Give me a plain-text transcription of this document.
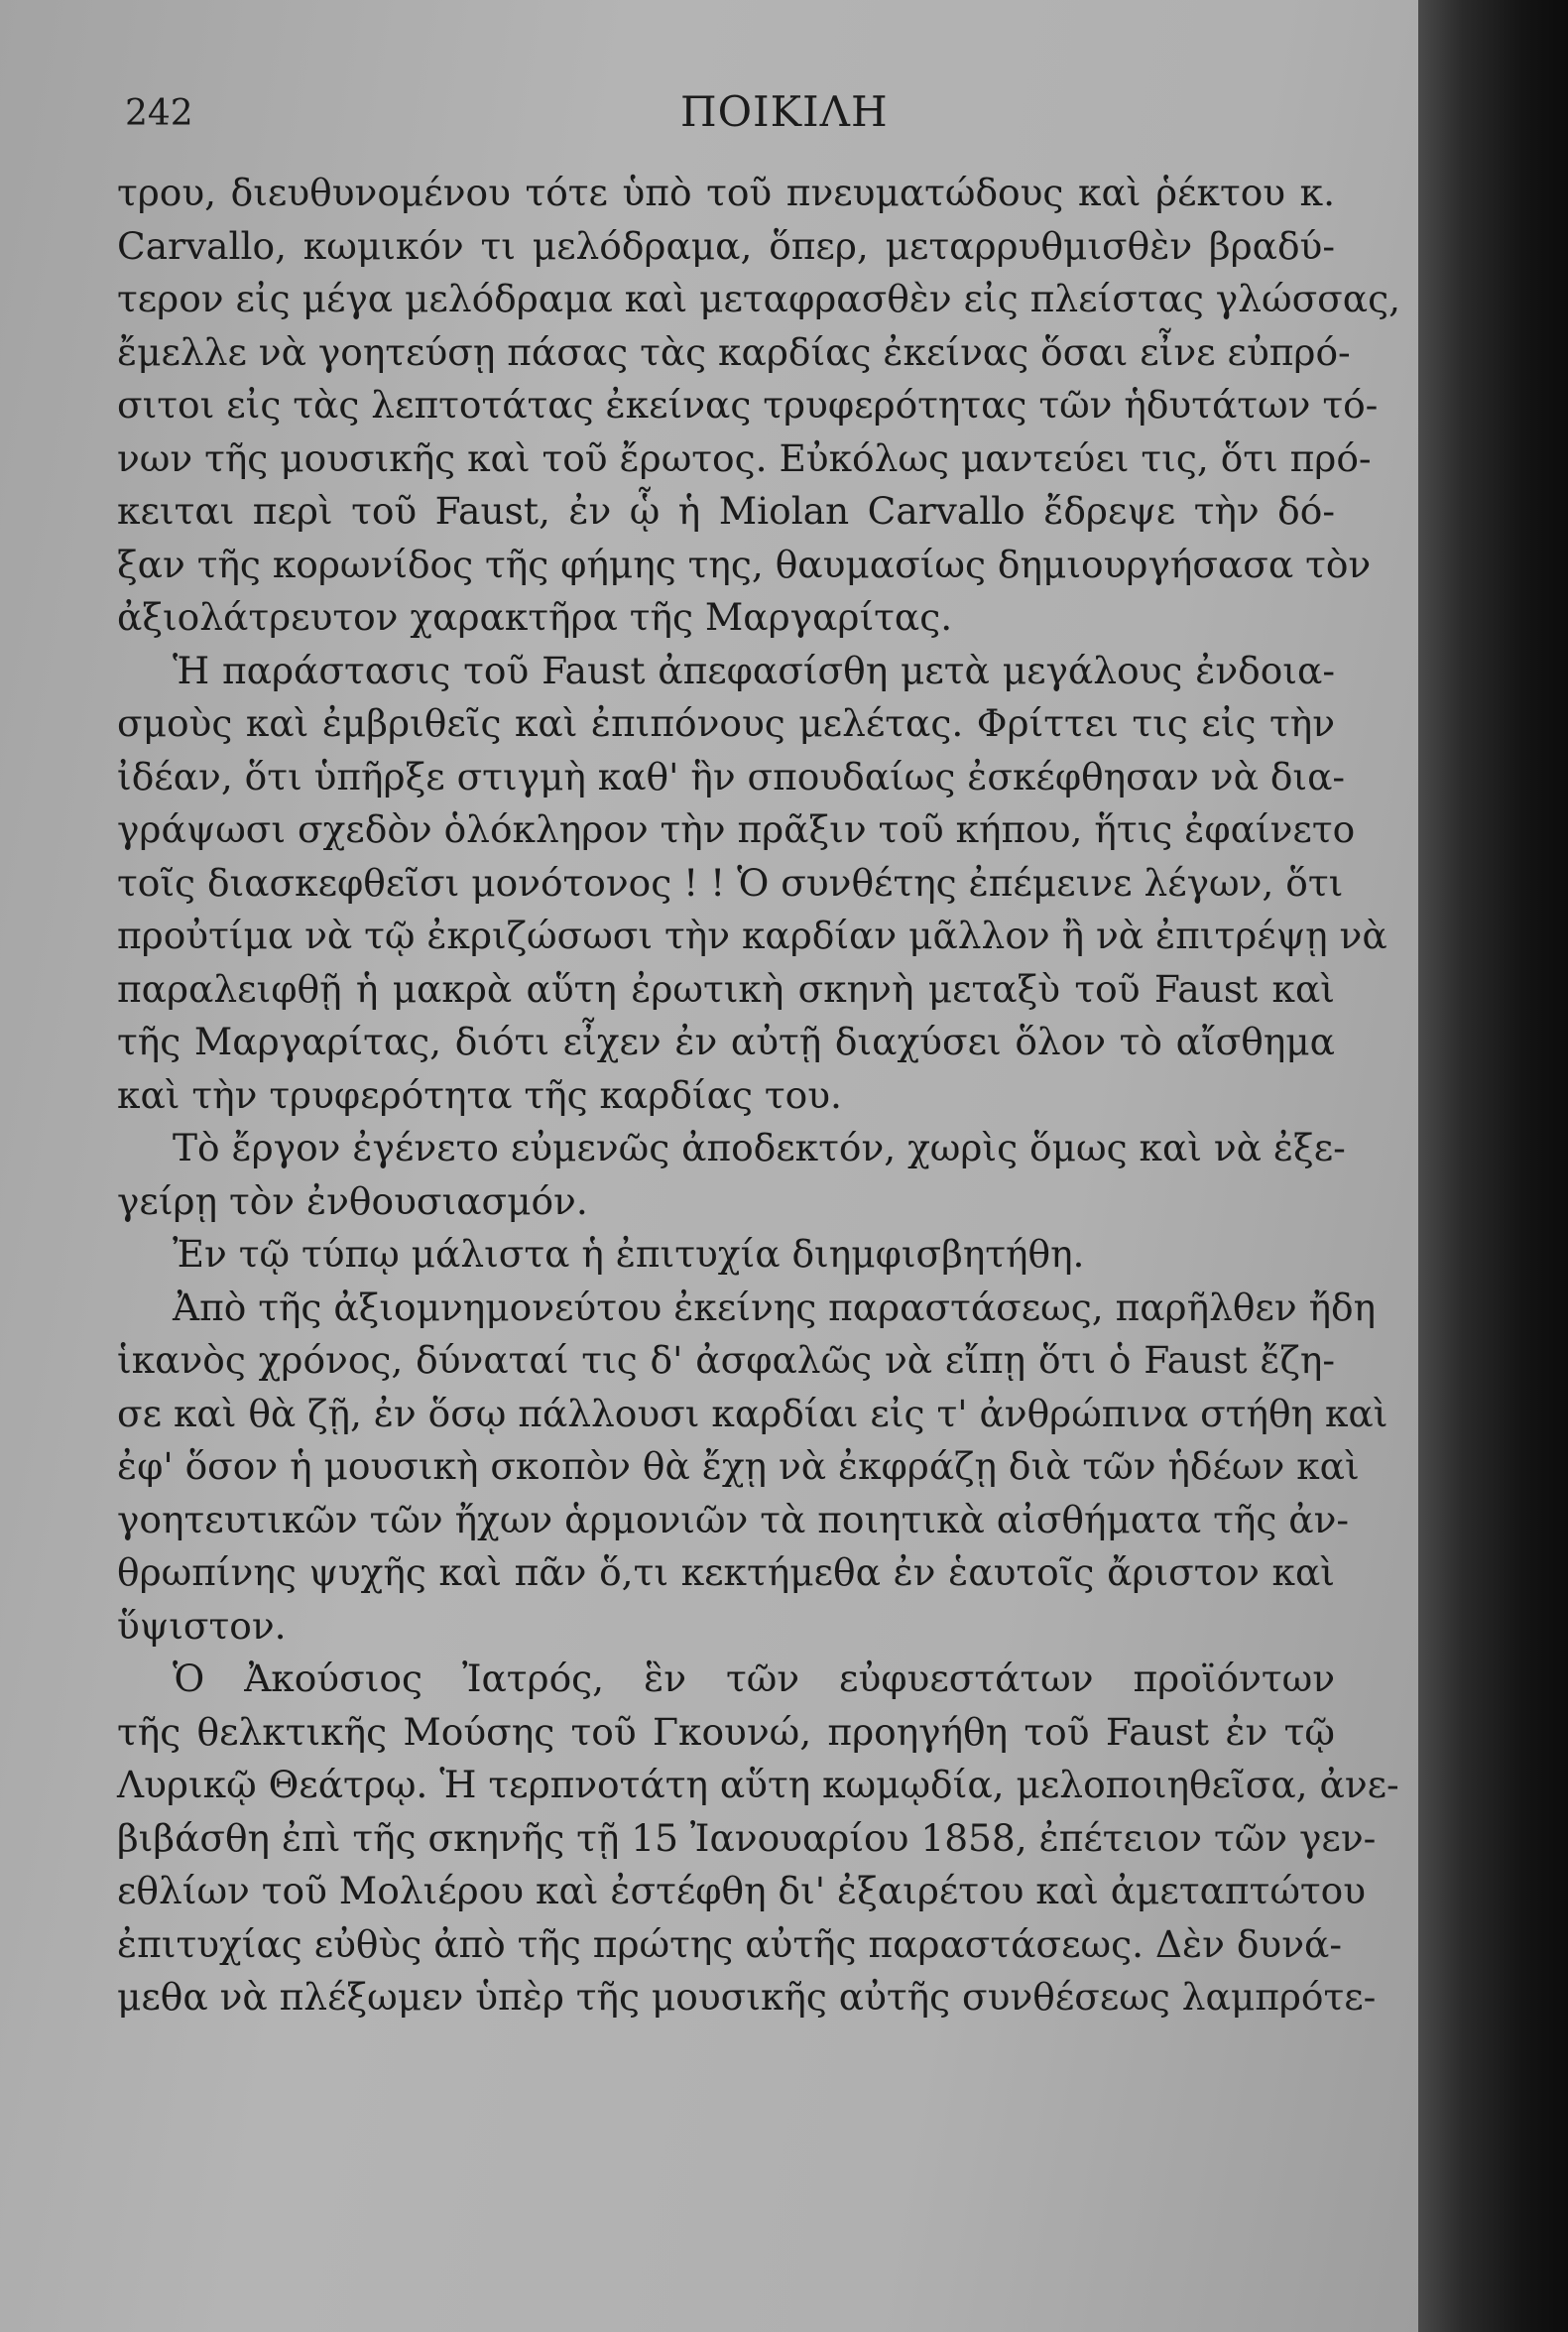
242	ΠΟΙΚΙΛΗ
τρου, διευθυνομένου τότε ὑπὸ τοῦ πνευματώδους καὶ ῥέκτου κ.
Carvallo, κωμικόν τι μελόδραμα, ὅπερ, μεταρρυθμισθὲν βραδύ-
τερον εἰς μέγα μελόδραμα καὶ μεταφρασθὲν εἰς πλείστας γλώσσας,
ἔμελλε νὰ γοητεύσῃ πάσας τὰς καρδίας ἐκείνας ὅσαι εἶνε εὐπρό-
σιτοι εἰς τὰς λεπτοτάτας ἐκείνας τρυφερότητας τῶν ἡδυτάτων τό-
νων τῆς μουσικῆς καὶ τοῦ ἔρωτος. Εὐκόλως μαντεύει τις, ὅτι πρό-
κειται περὶ τοῦ Faust, ἐν ᾧ ἡ Miolan Carvallo ἔδρεψε τὴν δό-
ξαν τῆς κορωνίδος τῆς φήμης της, θαυμασίως δημιουργήσασα τὸν
ἀξιολάτρευτον χαρακτῆρα τῆς Μαργαρίτας.
Ἡ παράστασις τοῦ Faust ἀπεφασίσθη μετὰ μεγάλους ἐνδοια-
σμοὺς καὶ ἐμβριθεῖς καὶ ἐπιπόνους μελέτας. Φρίττει τις εἰς τὴν
ἰδέαν, ὅτι ὑπῆρξε στιγμὴ καθ' ἣν σπουδαίως ἐσκέφθησαν νὰ δια-
γράψωσι σχεδὸν ὁλόκληρον τὴν πρᾶξιν τοῦ κήπου, ἥτις ἐφαίνετο
τοῖς διασκεφθεῖσι μονότονος ! ! Ὁ συνθέτης ἐπέμεινε λέγων, ὅτι
προὐτίμα νὰ τῷ ἐκριζώσωσι τὴν καρδίαν μᾶλλον ἢ νὰ ἐπιτρέψῃ νὰ
παραλειφθῇ ἡ μακρὰ αὕτη ἐρωτικὴ σκηνὴ μεταξὺ τοῦ Faust καὶ
τῆς Μαργαρίτας, διότι εἶχεν ἐν αὐτῇ διαχύσει ὅλον τὸ αἴσθημα
καὶ τὴν τρυφερότητα τῆς καρδίας του.
Τὸ ἔργον ἐγένετο εὐμενῶς ἀποδεκτόν, χωρὶς ὅμως καὶ νὰ ἐξε-
γείρῃ τὸν ἐνθουσιασμόν.
Ἐν τῷ τύπῳ μάλιστα ἡ ἐπιτυχία διημφισβητήθη.
Ἀπὸ τῆς ἀξιομνημονεύτου ἐκείνης παραστάσεως, παρῆλθεν ἤδη
ἱκανὸς χρόνος, δύναταί τις δ' ἀσφαλῶς νὰ εἴπῃ ὅτι ὁ Faust ἔζη-
σε καὶ θὰ ζῇ, ἐν ὅσῳ πάλλουσι καρδίαι εἰς τ' ἀνθρώπινα στήθη καὶ
ἐφ' ὅσον ἡ μουσικὴ σκοπὸν θὰ ἔχῃ νὰ ἐκφράζῃ διὰ τῶν ἡδέων καὶ
γοητευτικῶν τῶν ἤχων ἁρμονιῶν τὰ ποιητικὰ αἰσθήματα τῆς ἀν-
θρωπίνης ψυχῆς καὶ πᾶν ὅ,τι κεκτήμεθα ἐν ἑαυτοῖς ἄριστον καὶ
ὕψιστον.
Ὁ Ἀκούσιος Ἰατρός, ἓν τῶν εὐφυεστάτων προϊόντων
τῆς θελκτικῆς Μούσης τοῦ Γκουνώ, προηγήθη τοῦ Faust ἐν τῷ
Λυρικῷ Θεάτρῳ. Ἡ τερπνοτάτη αὕτη κωμῳδία, μελοποιηθεῖσα, ἀνε-
βιβάσθη ἐπὶ τῆς σκηνῆς τῇ 15 Ἰανουαρίου 1858, ἐπέτειον τῶν γεν-
εθλίων τοῦ Μολιέρου καὶ ἐστέφθη δι' ἐξαιρέτου καὶ ἀμεταπτώτου
ἐπιτυχίας εὐθὺς ἀπὸ τῆς πρώτης αὐτῆς παραστάσεως. Δὲν δυνά-
μεθα νὰ πλέξωμεν ὑπὲρ τῆς μουσικῆς αὐτῆς συνθέσεως λαμπρότε-
